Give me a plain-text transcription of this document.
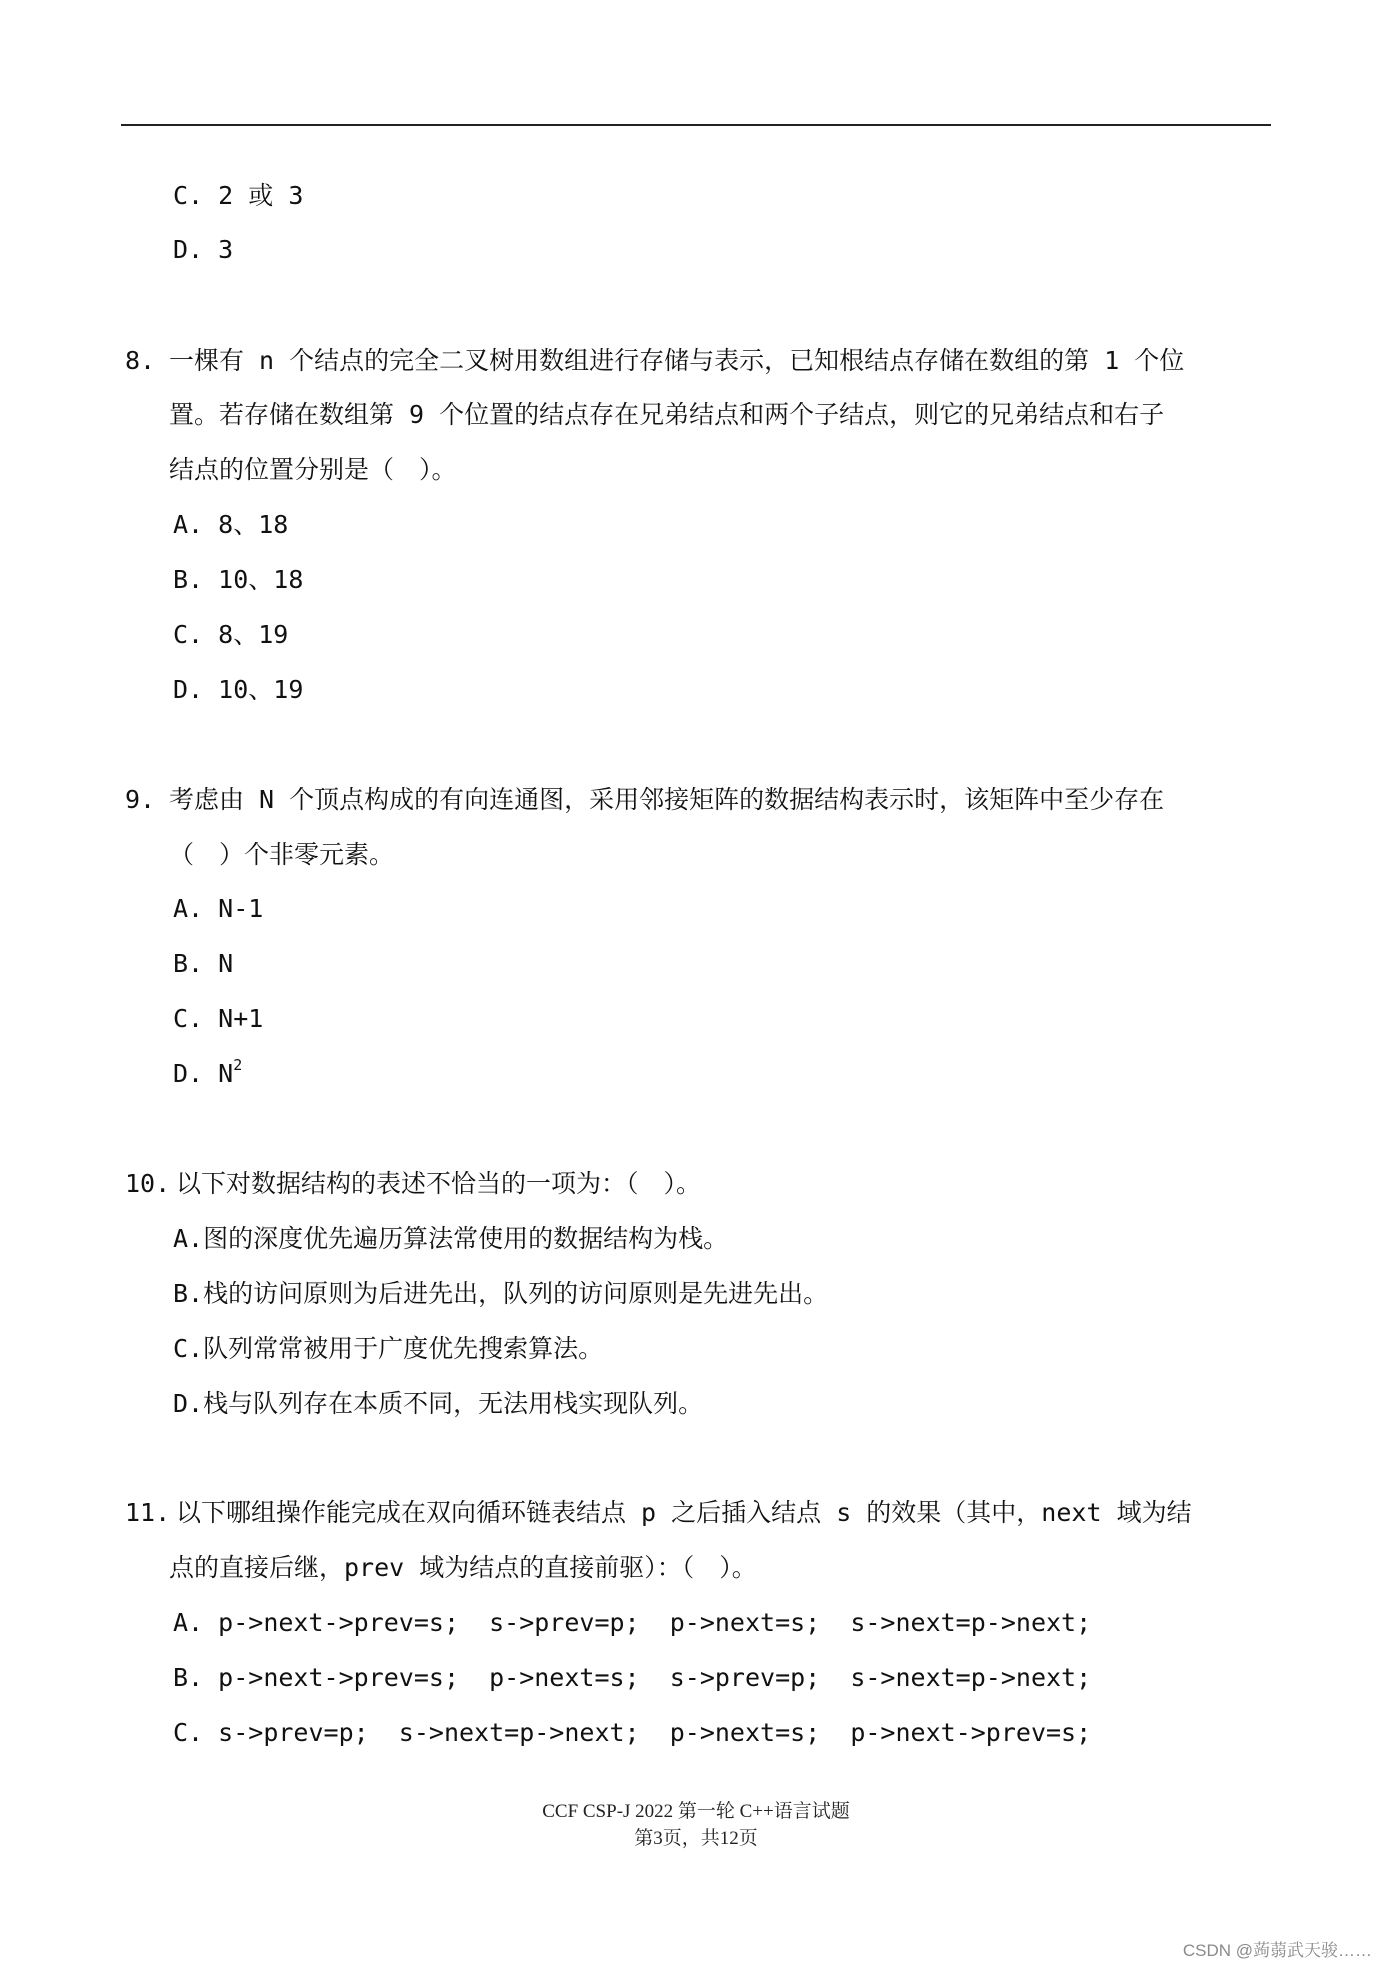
C. 2 或 3
D. 3
8. 一棵有 n 个结点的完全二叉树用数组进行存储与表示，已知根结点存储在数组的第 1 个位
置。若存储在数组第 9 个位置的结点存在兄弟结点和两个子结点，则它的兄弟结点和右子
结点的位置分别是（　）。
A. 8、18
B. 10、18
C. 8、19
D. 10、19
9. 考虑由 N 个顶点构成的有向连通图，采用邻接矩阵的数据结构表示时，该矩阵中至少存在
（　）个非零元素。
A. N-1
B. N
C. N+1
D. $N^2$
10. 以下对数据结构的表述不恰当的一项为：（　）。
A.图的深度优先遍历算法常使用的数据结构为栈。
B.栈的访问原则为后进先出，队列的访问原则是先进先出。
C.队列常常被用于广度优先搜索算法。
D.栈与队列存在本质不同，无法用栈实现队列。
11. 以下哪组操作能完成在双向循环链表结点 p 之后插入结点 s 的效果（其中，next 域为结
点的直接后继，prev 域为结点的直接前驱）：（　）。
A. p->next->prev=s;  s->prev=p;  p->next=s;  s->next=p->next;
B. p->next->prev=s;  p->next=s;  s->prev=p;  s->next=p->next;
C. s->prev=p;  s->next=p->next;  p->next=s;  p->next->prev=s;
CCF CSP-J 2022 第一轮 C++语言试题
第3页，共12页
CSDN @蒟蒻武天骏……
